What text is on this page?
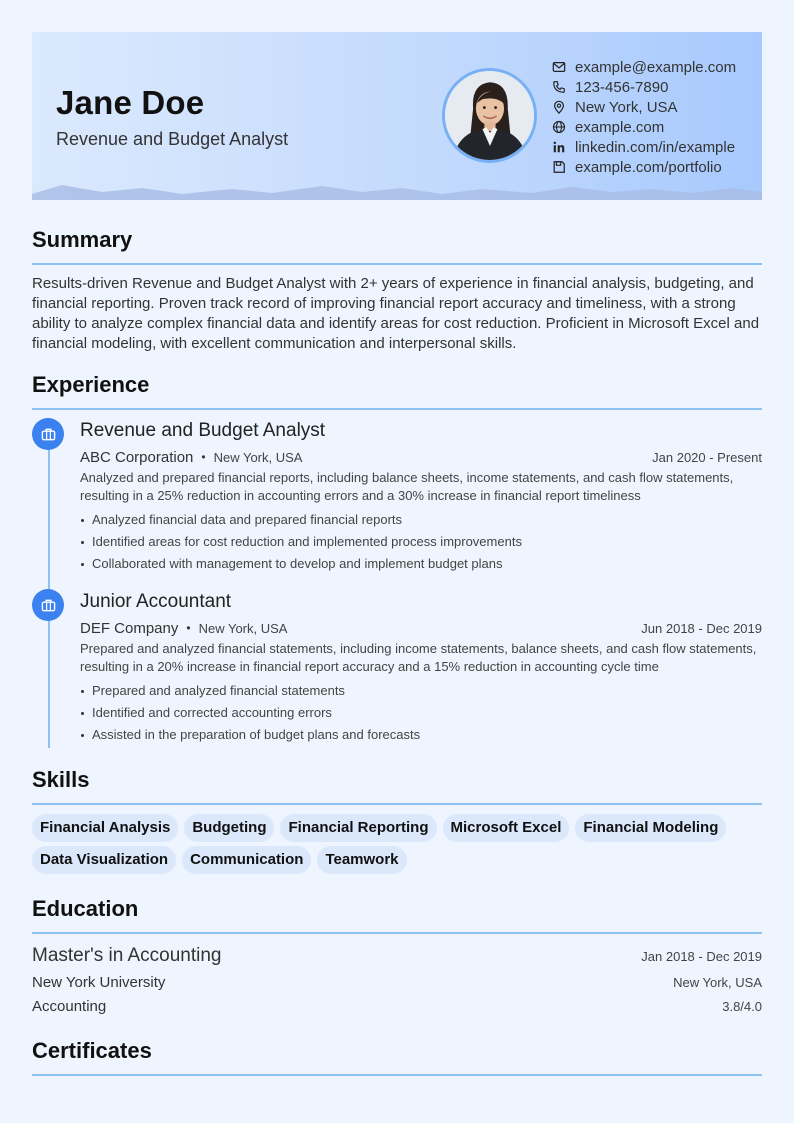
Jane Doe
Revenue and Budget Analyst
example@example.com
123-456-7890
New York, USA
example.com
linkedin.com/in/example
example.com/portfolio
Summary
Results-driven Revenue and Budget Analyst with 2+ years of experience in financial analysis, budgeting, and financial reporting. Proven track record of improving financial report accuracy and timeliness, with a strong ability to analyze complex financial data and identify areas for cost reduction. Proficient in Microsoft Excel and financial modeling, with excellent communication and interpersonal skills.
Experience
Revenue and Budget Analyst
ABC Corporation • New York, USA	Jan 2020 - Present
Analyzed and prepared financial reports, including balance sheets, income statements, and cash flow statements, resulting in a 25% reduction in accounting errors and a 30% increase in financial report timeliness
Analyzed financial data and prepared financial reports
Identified areas for cost reduction and implemented process improvements
Collaborated with management to develop and implement budget plans
Junior Accountant
DEF Company • New York, USA	Jun 2018 - Dec 2019
Prepared and analyzed financial statements, including income statements, balance sheets, and cash flow statements, resulting in a 20% increase in financial report accuracy and a 15% reduction in accounting cycle time
Prepared and analyzed financial statements
Identified and corrected accounting errors
Assisted in the preparation of budget plans and forecasts
Skills
Financial Analysis Budgeting Financial Reporting Microsoft Excel Financial Modeling
Data Visualization Communication Teamwork
Education
Master's in Accounting	Jan 2018 - Dec 2019
New York University	New York, USA
Accounting	3.8/4.0
Certificates
